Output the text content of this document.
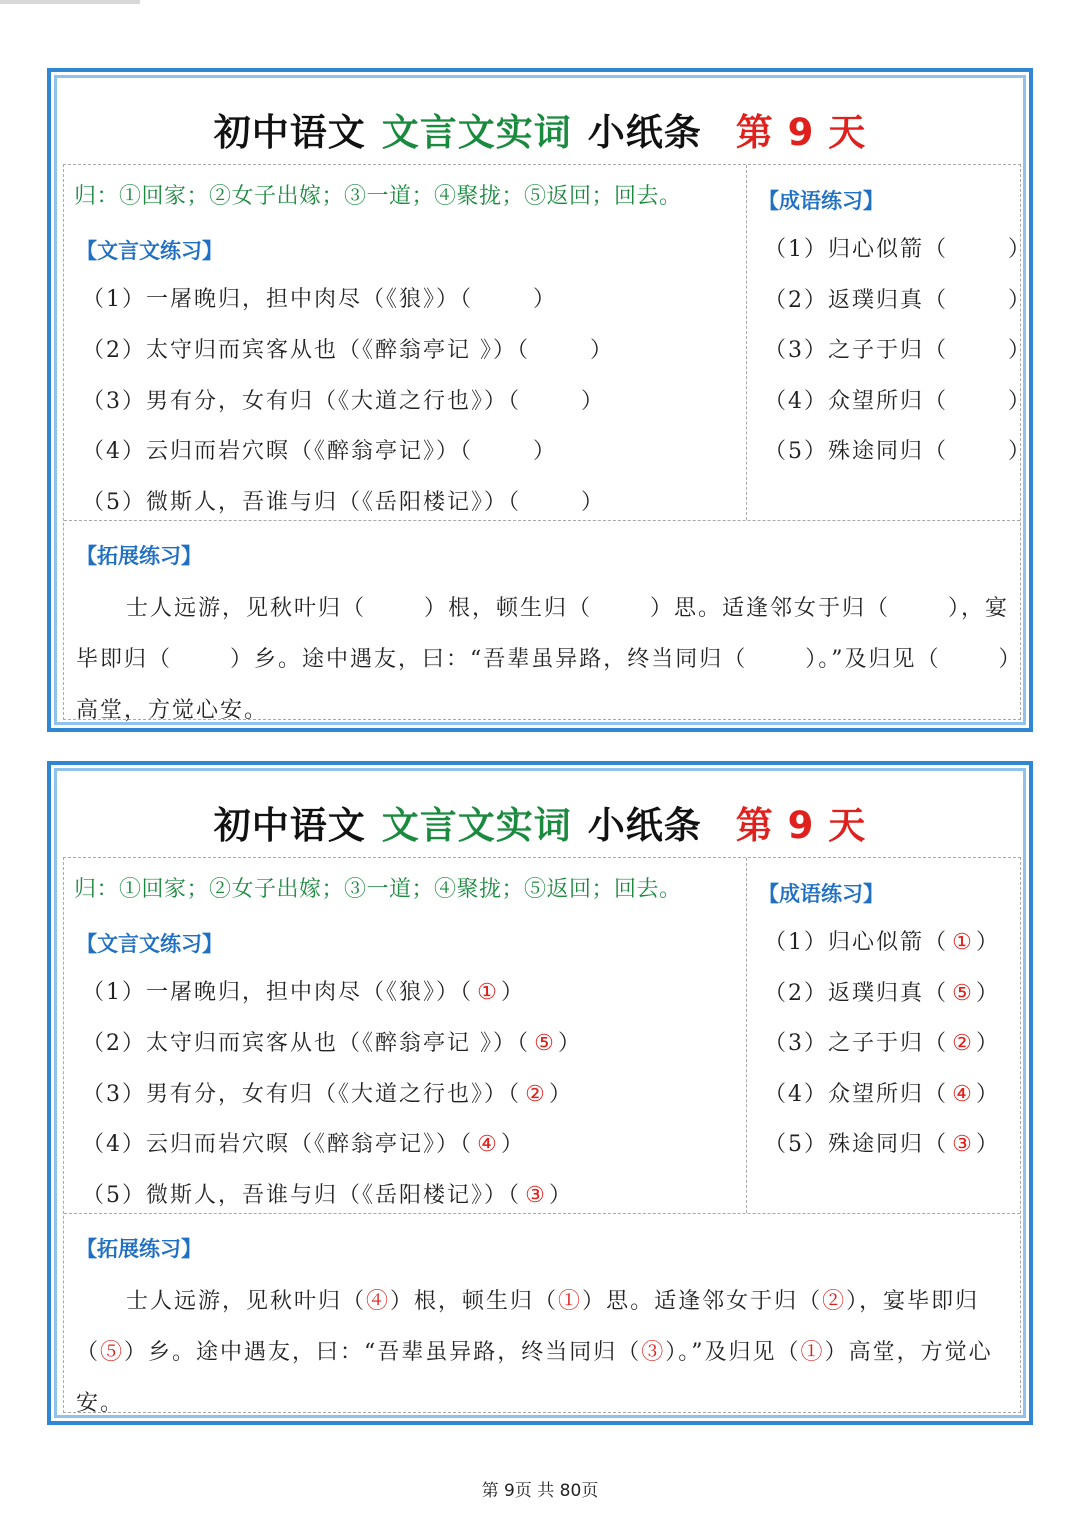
初中语文 文言文实词 小纸条 第 9 天
归：①回家；②女子出嫁；③一道；④聚拢；⑤返回；回去。
【文言文练习】
（1）一屠晚归，担中肉尽（《狼》）（	）
（2）太守归而宾客从也（《醉翁亭记 》）（	）
（3）男有分，女有归（《大道之行也》）（	）
（4）云归而岩穴暝（《醉翁亭记》）（	）
（5）微斯人，吾谁与归（《岳阳楼记》）（	）
【成语练习】
（1）归心似箭（	）
（2）返璞归真（	）
（3）之子于归（	）
（4）众望所归（	）
（5）殊途同归（	）
【拓展练习】
士人远游，见秋叶归（	）根，顿生归（	）思。适逢邻女于归（	），宴毕即归（	）乡。途中遇友，曰：“吾辈虽异路，终当同归（	）。”及归见（	）高堂，方觉心安。
初中语文 文言文实词 小纸条 第 9 天
归：①回家；②女子出嫁；③一道；④聚拢；⑤返回；回去。
【文言文练习】
（1）一屠晚归，担中肉尽（《狼》）（ ① ）
（2）太守归而宾客从也（《醉翁亭记 》）（ ⑤ ）
（3）男有分，女有归（《大道之行也》）（ ② ）
（4）云归而岩穴暝（《醉翁亭记》）（ ④ ）
（5）微斯人，吾谁与归（《岳阳楼记》）（ ③ ）
【成语练习】
（1）归心似箭（ ① ）
（2）返璞归真（ ⑤ ）
（3）之子于归（ ② ）
（4）众望所归（ ④ ）
（5）殊途同归（ ③ ）
【拓展练习】
士人远游，见秋叶归（④）根，顿生归（①）思。适逢邻女于归（②），宴毕即归（⑤）乡。途中遇友，曰：“吾辈虽异路，终当同归（③）。”及归见（①）高堂，方觉心安。
第 9页 共 80页
